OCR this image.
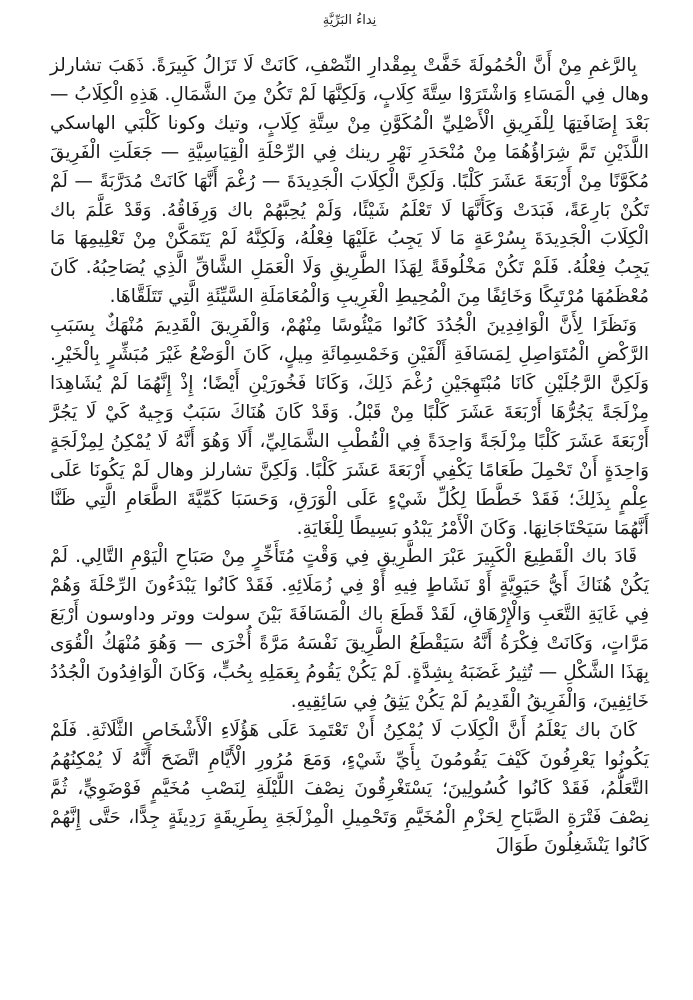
نِداءُ البَرِّيَّةِ

بِالرَّغمِ مِنْ أَنَّ الْحُمُولَةَ خَفَّتْ بِمِقْدارِ النِّصْفِ، كَانَتْ لَا تَزَالُ كَبِيرَةً. ذَهَبَ تشارلز وهال فِي الْمَسَاءِ وَاشْتَرَوْا سِتَّةَ كِلَابٍ، وَلَكِنَّهَا لَمْ تَكُنْ مِنَ الشَّمَالِ. هَذِهِ الْكِلَابُ — بَعْدَ إِضَافَتِهَا لِلْفَرِيقِ الْأَصْلِيِّ الْمُكَوَّنِ مِنْ سِتَّةِ كِلَابٍ، وتيك وكونا كَلْبَي الهاسكي اللَّذَيْنِ تَمَّ شِرَاؤُهُمَا مِنْ مُنْحَدَرِ نَهْرِ رينك فِي الرِّحْلَةِ الْقِيَاسِيَّةِ — جَعَلَتِ الْفَرِيقَ مُكَوَّنًا مِنْ أَرْبَعَةَ عَشَرَ كَلْبًا. وَلَكِنَّ الْكِلَابَ الْجَدِيدَةَ — رُغْمَ أَنَّهَا كَانَتْ مُدَرَّبَةً — لَمْ تَكُنْ بَارِعَةً، فَبَدَتْ وَكَأَنَّهَا لَا تَعْلَمُ شَيْئًا، وَلَمْ يُحِبَّهُمْ باك وَرِفَاقُهُ. وَقَدْ عَلَّمَ باك الْكِلَابَ الْجَدِيدَةَ بِسُرْعَةٍ مَا لَا يَجِبُ عَلَيْهَا فِعْلُهُ، وَلَكِنَّهُ لَمْ يَتَمَكَّنْ مِنْ تَعْلِيمِهَا مَا يَجِبُ فِعْلُهُ. فَلَمْ تَكُنْ مَخْلُوقَةً لِهَذَا الطَّرِيقِ وَلَا الْعَمَلِ الشَّاقِّ الَّذِي يُصَاحِبُهُ. كَانَ مُعْظَمُهَا مُرْتَبِكًا وَخَائِفًا مِنَ الْمُحِيطِ الْغَرِيبِ وَالْمُعَامَلَةِ السَّيِّئَةِ الَّتِي تَتَلَقَّاهَا.

وَنَظَرًا لِأَنَّ الْوَافِدِينَ الْجُدُدَ كَانُوا مَيْئُوسًا مِنْهُمْ، وَالْفَرِيقَ الْقَدِيمَ مُنْهَكٌ بِسَبَبِ الرَّكْضِ الْمُتَوَاصِلِ لِمَسَافَةِ أَلْفَيْنِ وَخَمْسِمِائَةِ مِيلٍ، كَانَ الْوَضْعُ غَيْرَ مُبَشِّرٍ بِالْخَيْرِ. وَلَكِنَّ الرَّجُلَيْنِ كَانَا مُبْتَهِجَيْنِ رُغْمَ ذَلِكَ، وَكَانَا فَخُورَيْنِ أَيْضًا؛ إِذْ إِنَّهُمَا لَمْ يُشَاهِدَا مِزْلَجَةً يَجُرُّهَا أَرْبَعَةَ عَشَرَ كَلْبًا مِنْ قَبْلُ. وَقَدْ كَانَ هُنَاكَ سَبَبٌ وَجِيهٌ كَيْ لَا يَجُرَّ أَرْبَعَةَ عَشَرَ كَلْبًا مِزْلَجَةً وَاحِدَةً فِي الْقُطْبِ الشَّمَالِيِّ، أَلَا وَهُوَ أَنَّهُ لَا يُمْكِنُ لِمِزْلَجَةٍ وَاحِدَةٍ أَنْ تَحْمِلَ طَعَامًا يَكْفِي أَرْبَعَةَ عَشَرَ كَلْبًا. وَلَكِنَّ تشارلز وهال لَمْ يَكُونَا عَلَى عِلْمٍ بِذَلِكَ؛ فَقَدْ خَطَّطَا لِكُلِّ شَيْءٍ عَلَى الْوَرَقِ، وَحَسَبَا كَمِّيَّةَ الطَّعَامِ الَّتِي ظَنَّا أَنَّهُمَا سَيَحْتَاجَانِهَا. وَكَانَ الْأَمْرُ يَبْدُو بَسِيطًا لِلْغَايَةِ.

قَادَ باك الْقَطِيعَ الْكَبِيرَ عَبْرَ الطَّرِيقِ فِي وَقْتٍ مُتَأَخِّرٍ مِنْ صَبَاحِ الْيَوْمِ التَّالِي. لَمْ يَكُنْ هُنَاكَ أَيُّ حَيَوِيَّةٍ أَوْ نَشَاطٍ فِيهِ أَوْ فِي زُمَلَائِهِ. فَقَدْ كَانُوا يَبْدَءُونَ الرِّحْلَةَ وَهُمْ فِي غَايَةِ التَّعَبِ وَالْإِرْهَاقِ، لَقَدْ قَطَعَ باك الْمَسَافَةَ بَيْنَ سولت ووتر وداوسون أَرْبَعَ مَرَّاتٍ، وَكَانَتْ فِكْرَةُ أَنَّهُ سَيَقْطَعُ الطَّرِيقَ نَفْسَهُ مَرَّةً أُخْرَى — وَهُوَ مُنْهَكُ الْقُوَى بِهَذَا الشَّكْلِ — تُثِيرُ غَضَبَهُ بِشِدَّةٍ. لَمْ يَكُنْ يَقُومُ بِعَمَلِهِ بِحُبٍّ، وَكَانَ الْوَافِدُونَ الْجُدُدُ خَائِفِينَ، وَالْفَرِيقُ الْقَدِيمُ لَمْ يَكُنْ يَثِقُ فِي سَائِقِيهِ.

كَانَ باك يَعْلَمُ أَنَّ الْكِلَابَ لَا يُمْكِنُ أَنْ تَعْتَمِدَ عَلَى هَؤُلَاءِ الْأَشْخَاصِ الثَّلَاثَةِ. فَلَمْ يَكُونُوا يَعْرِفُونَ كَيْفَ يَقُومُونَ بِأَيِّ شَيْءٍ، وَمَعَ مُرُورِ الْأَيَّامِ اتَّضَحَ أَنَّهُ لَا يُمْكِنُهُمُ التَّعَلُّمُ، فَقَدْ كَانُوا كُسُولِينَ؛ يَسْتَغْرِقُونَ نِصْفَ اللَّيْلَةِ لِنَصْبِ مُخَيَّمٍ فَوْضَوِيٍّ، ثُمَّ نِصْفَ فَتْرَةِ الصَّبَاحِ لِحَزْمِ الْمُخَيَّمِ وَتَحْمِيلِ الْمِزْلَجَةِ بِطَرِيقَةٍ رَدِيئَةٍ جِدًّا، حَتَّى إِنَّهُمْ كَانُوا يَنْشَغِلُونَ طَوَالَ
